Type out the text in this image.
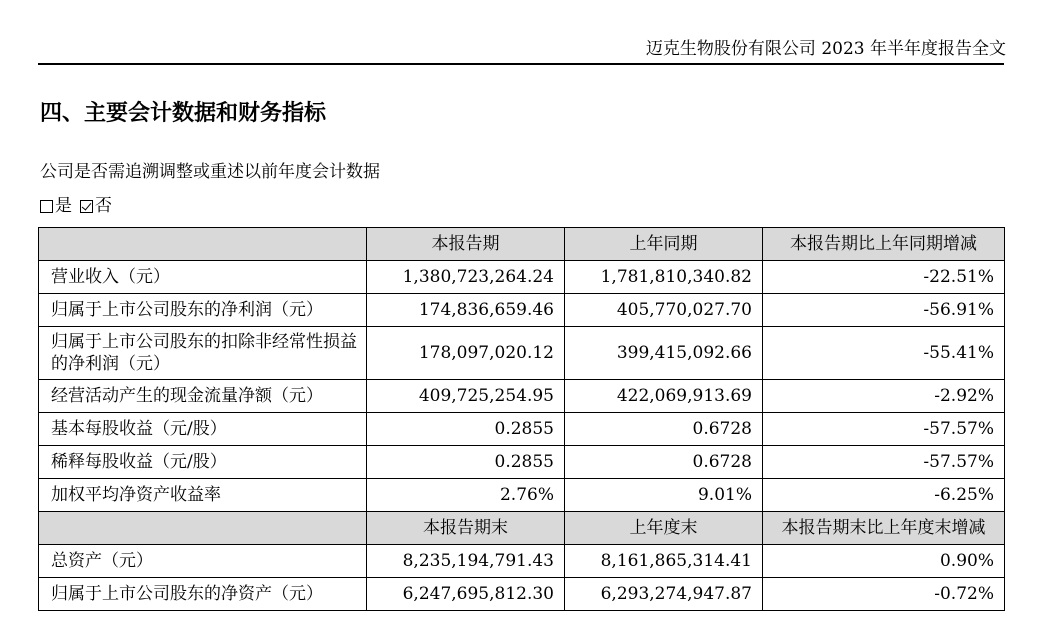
迈克生物股份有限公司 2023 年半年度报告全文
四、主要会计数据和财务指标
公司是否需追溯调整或重述以前年度会计数据
是 否
	本报告期	上年同期	本报告期比上年同期增减
营业收入（元）	1,380,723,264.24	1,781,810,340.82	-22.51%
归属于上市公司股东的净利润（元）	174,836,659.46	405,770,027.70	-56.91%
归属于上市公司股东的扣除非经常性损益的净利润（元）	178,097,020.12	399,415,092.66	-55.41%
经营活动产生的现金流量净额（元）	409,725,254.95	422,069,913.69	-2.92%
基本每股收益（元/股）	0.2855	0.6728	-57.57%
稀释每股收益（元/股）	0.2855	0.6728	-57.57%
加权平均净资产收益率	2.76%	9.01%	-6.25%
	本报告期末	上年度末	本报告期末比上年度末增减
总资产（元）	8,235,194,791.43	8,161,865,314.41	0.90%
归属于上市公司股东的净资产（元）	6,247,695,812.30	6,293,274,947.87	-0.72%
